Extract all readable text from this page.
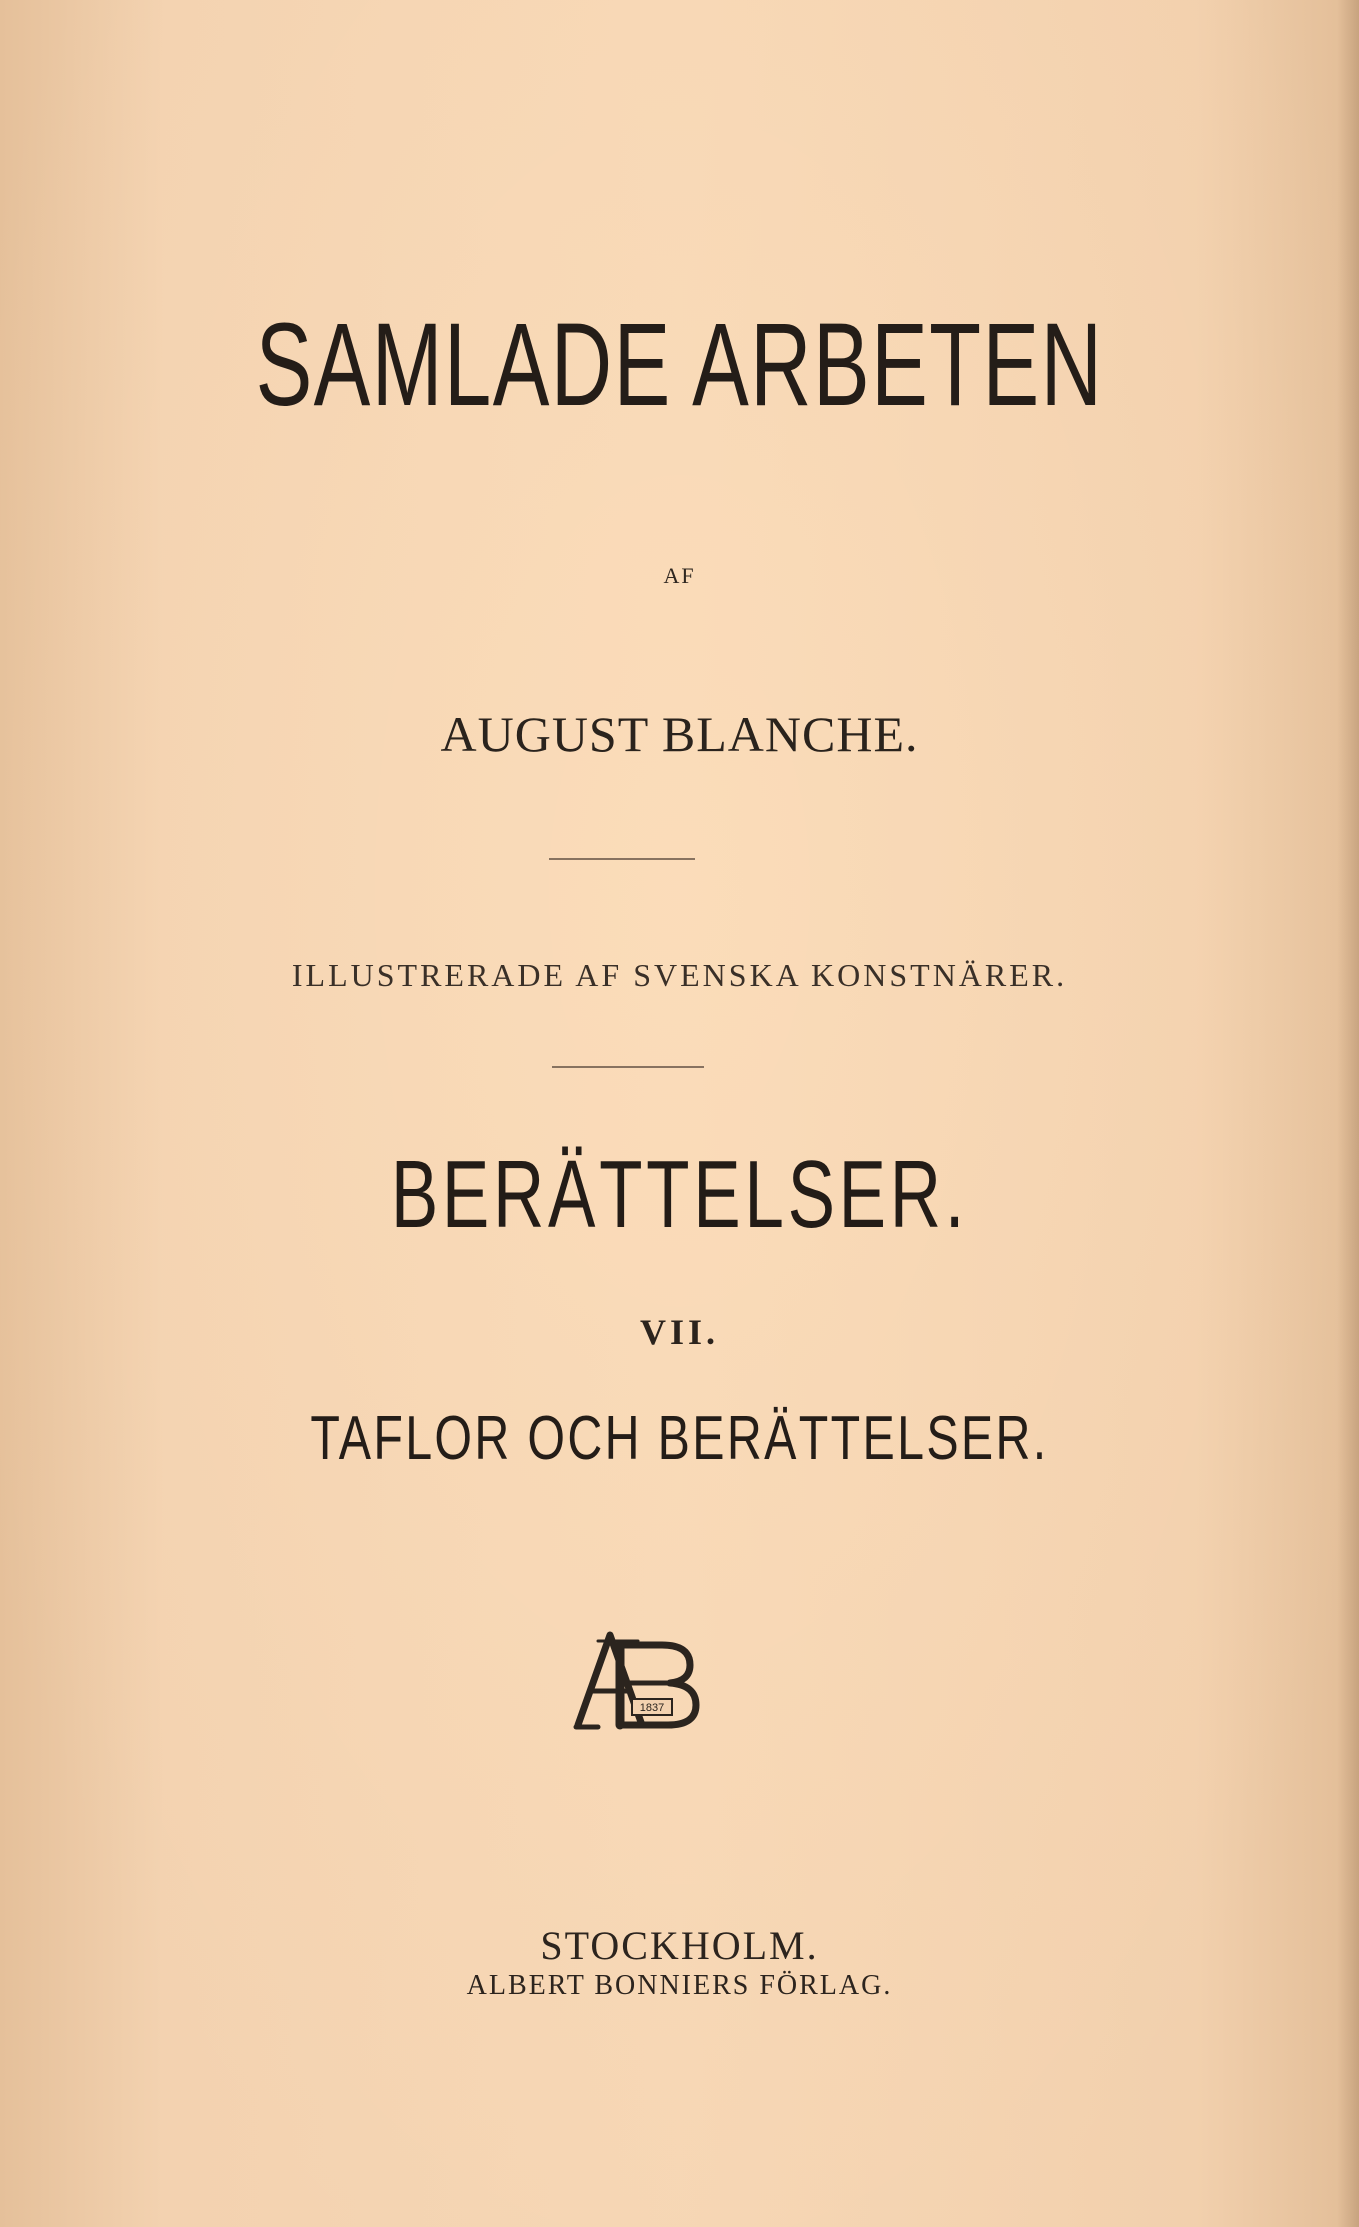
SAMLADE ARBETEN
AF
AUGUST BLANCHE.
ILLUSTRERADE AF SVENSKA KONSTNÄRER.
BERÄTTELSER.
VII.
TAFLOR OCH BERÄTTELSER.
1837
STOCKHOLM.
ALBERT BONNIERS FÖRLAG.
